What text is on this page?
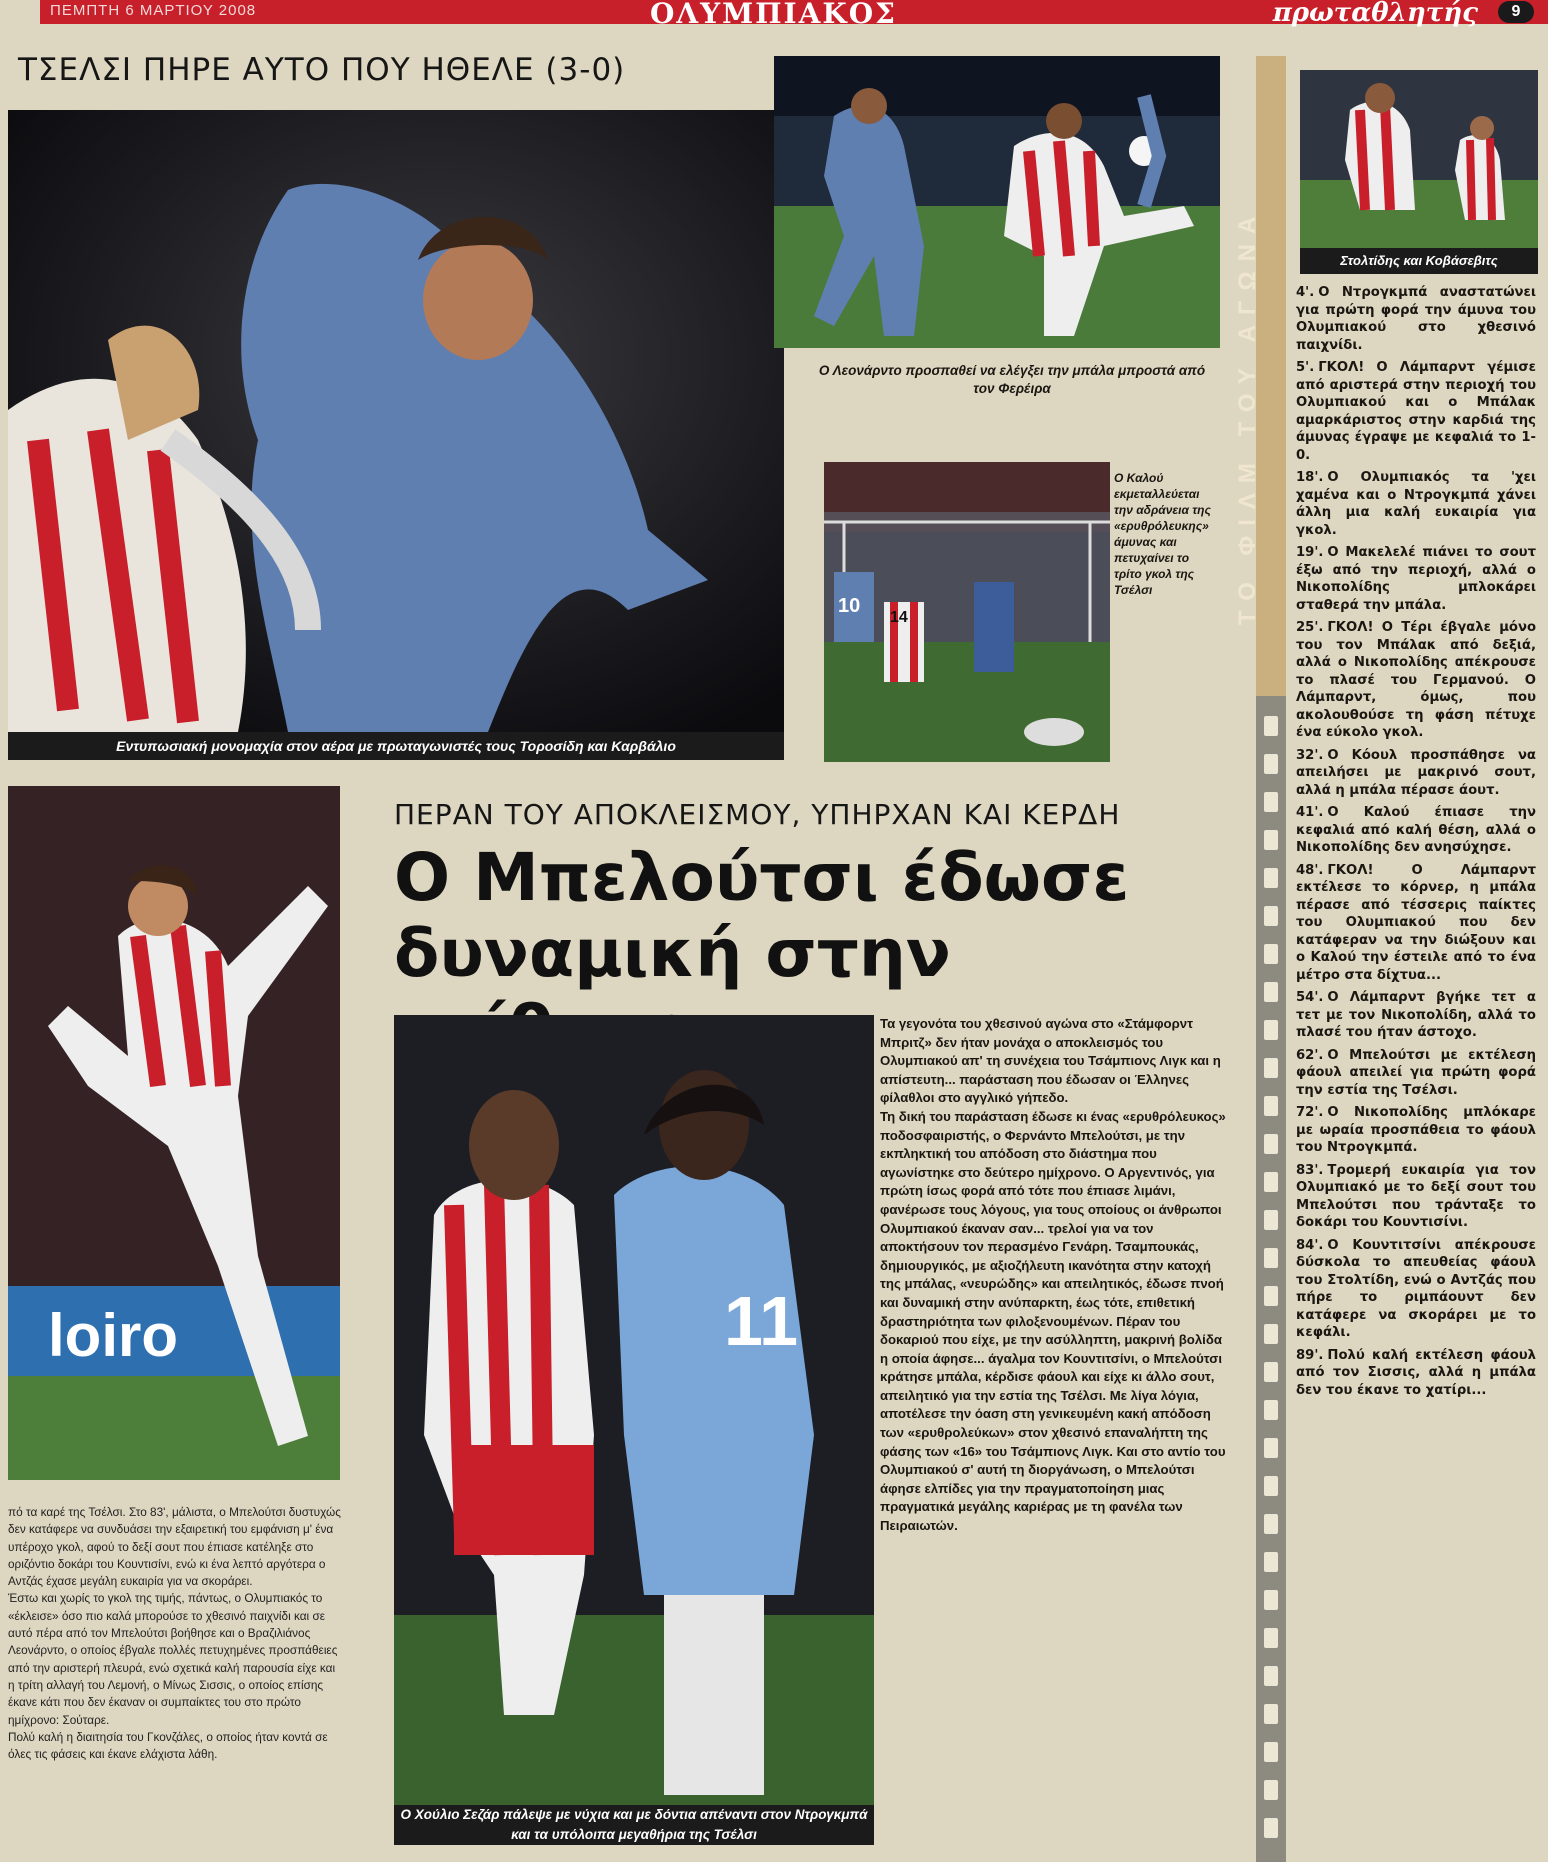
ΠΕΜΠΤΗ 6 ΜΑΡΤΙΟΥ 2008	ΟΛΥΜΠΙΑΚΟΣ	πρωταθλητής	9
ΤΣΕΛΣΙ ΠΗΡΕ ΑΥΤΟ ΠΟΥ ΗΘΕΛΕ (3-0)
Εντυπωσιακή μονομαχία στον αέρα με πρωταγωνιστές τους Τοροσίδη και Καρβάλιο
Ο Λεονάρντο προσπαθεί να ελέγξει την μπάλα μπροστά από τον Φερέιρα
10
14
Ο Καλού εκμεταλλεύεται την αδράνεια της «ερυθρόλευκης» άμυνας και πετυχαίνει το τρίτο γκολ της Τσέλσι	ΤΟ ΦΙΛΜ ΤΟΥ ΑΓΩΝΑ	Στολτίδης και Κοβάσεβιτς
4'. Ο Ντρογκμπά αναστατώνει για πρώτη φορά την άμυνα του Ολυμπιακού στο χθεσινό παιχνίδι.
5'. ΓΚΟΛ! Ο Λάμπαρντ γέμισε από αριστερά στην περιοχή του Ολυμπιακού και ο Μπάλακ αμαρκάριστος στην καρδιά της άμυνας έγραψε με κεφαλιά το 1-0.
18'. Ο Ολυμπιακός τα 'χει χαμένα και ο Ντρογκμπά χάνει άλλη μια καλή ευκαιρία για γκολ.
19'. Ο Μακελελέ πιάνει το σουτ έξω από την περιοχή, αλλά ο Νικοπολίδης μπλοκάρει σταθερά την μπάλα.
25'. ΓΚΟΛ! Ο Τέρι έβγαλε μόνο του τον Μπάλακ από δεξιά, αλλά ο Νικοπολίδης απέκρουσε το πλασέ του Γερμανού. Ο Λάμπαρντ, όμως, που ακολουθούσε τη φάση πέτυχε ένα εύκολο γκολ.
32'. Ο Κόουλ προσπάθησε να απειλήσει με μακρινό σουτ, αλλά η μπάλα πέρασε άουτ.
41'. Ο Καλού έπιασε την κεφαλιά από καλή θέση, αλλά ο Νικοπολίδης δεν ανησύχησε.
48'. ΓΚΟΛ! Ο Λάμπαρντ εκτέλεσε το κόρνερ, η μπάλα πέρασε από τέσσερις παίκτες του Ολυμπιακού που δεν κατάφεραν να την διώξουν και ο Καλού την έστειλε από το ένα μέτρο στα δίχτυα...
54'. Ο Λάμπαρντ βγήκε τετ α τετ με τον Νικοπολίδη, αλλά το πλασέ του ήταν άστοχο.
62'. Ο Μπελούτσι με εκτέλεση φάουλ απειλεί για πρώτη φορά την εστία της Τσέλσι.
72'. Ο Νικοπολίδης μπλόκαρε με ωραία προσπάθεια το φάουλ του Ντρογκμπά.
83'. Τρομερή ευκαιρία για τον Ολυμπιακό με το δεξί σουτ του Μπελούτσι που τράνταξε το δοκάρι του Κουντισίνι.
84'. Ο Κουντιτσίνι απέκρουσε δύσκολα το απευθείας φάουλ του Στολτίδη, ενώ ο Αντζάς που πήρε το ριμπάουντ δεν κατάφερε να σκοράρει με το κεφάλι.
89'. Πολύ καλή εκτέλεση φάουλ από τον Σισσις, αλλά η μπάλα δεν του έκανε το χατίρι...
loiro

πό τα καρέ της Τσέλσι. Στο 83', μάλιστα, ο Μπελούτσι δυστυχώς δεν κατάφερε να συνδυάσει την εξαιρετική του εμφάνιση μ' ένα υπέροχο γκολ, αφού το δεξί σουτ που έπιασε κατέληξε στο οριζόντιο δοκάρι του Κουντισίνι, ενώ κι ένα λεπτό αργότερα ο Αντζάς έχασε μεγάλη ευκαιρία για να σκοράρει.

Έστω και χωρίς το γκολ της τιμής, πάντως, ο Ολυμπιακός το «έκλεισε» όσο πιο καλά μπορούσε το χθεσινό παιχνίδι και σε αυτό πέρα από τον Μπελούτσι βοήθησε και ο Βραζιλιάνος Λεονάρντο, ο οποίος έβγαλε πολλές πετυχημένες προσπάθειες από την αριστερή πλευρά, ενώ σχετικά καλή παρουσία είχε και η τρίτη αλλαγή του Λεμονή, ο Μίνως Σισσις, ο οποίος επίσης έκανε κάτι που δεν έκαναν οι συμπαίκτες του στο πρώτο ημίχρονο: Σούταρε.

Πολύ καλή η διαιτησία του Γκονζάλες, ο οποίος ήταν κοντά σε όλες τις φάσεις και έκανε ελάχιστα λάθη.

ΠΕΡΑΝ ΤΟΥ ΑΠΟΚΛΕΙΣΜΟΥ, ΥΠΗΡΧΑΝ ΚΑΙ ΚΕΡΔΗ
Ο Μπελούτσι έδωσε δυναμική στην
11
Ο Χούλιο Σεζάρ πάλεψε με νύχια και με δόντια απέναντι στον Ντρογκμπά και τα υπόλοιπα μεγαθήρια της Τσέλσι

Τα γεγονότα του χθεσινού αγώνα στο «Στάμφορντ Μπριτζ» δεν ήταν μονάχα ο αποκλεισμός του Ολυμπιακού απ' τη συνέχεια του Τσάμπιονς Λιγκ και η απίστευτη... παράσταση που έδωσαν οι Έλληνες φίλαθλοι στο αγγλικό γήπεδο.

Τη δική του παράσταση έδωσε κι ένας «ερυθρόλευκος» ποδοσφαιριστής, ο Φερνάντο Μπελούτσι, με την εκπληκτική του απόδοση στο διάστημα που αγωνίστηκε στο δεύτερο ημίχρονο. Ο Αργεντινός, για πρώτη ίσως φορά από τότε που έπιασε λιμάνι, φανέρωσε τους λόγους, για τους οποίους οι άνθρωποι Ολυμπιακού έκαναν σαν... τρελοί για να τον αποκτήσουν τον περασμένο Γενάρη. Τσαμπουκάς, δημιουργικός, με αξιοζήλευτη ικανότητα στην κατοχή της μπάλας, «νευρώδης» και απειλητικός, έδωσε πνοή και δυναμική στην ανύπαρκτη, έως τότε, επιθετική δραστηριότητα των φιλοξενουμένων. Πέραν του δοκαριού που είχε, με την ασύλληπτη, μακρινή βολίδα η οποία άφησε... άγαλμα τον Κουντιτσίνι, ο Μπελούτσι κράτησε μπάλα, κέρδισε φάουλ και είχε κι άλλο σουτ, απειλητικό για την εστία της Τσέλσι. Με λίγα λόγια, αποτέλεσε την όαση στη γενικευμένη κακή απόδοση των «ερυθρολεύκων» στον χθεσινό επαναλήπτη της φάσης των «16» του Τσάμπιονς Λιγκ. Και στο αντίο του Ολυμπιακού σ' αυτή τη διοργάνωση, ο Μπελούτσι άφησε ελπίδες για την πραγματοποίηση μιας πραγματικά μεγάλης καριέρας με τη φανέλα των Πειραιωτών.
